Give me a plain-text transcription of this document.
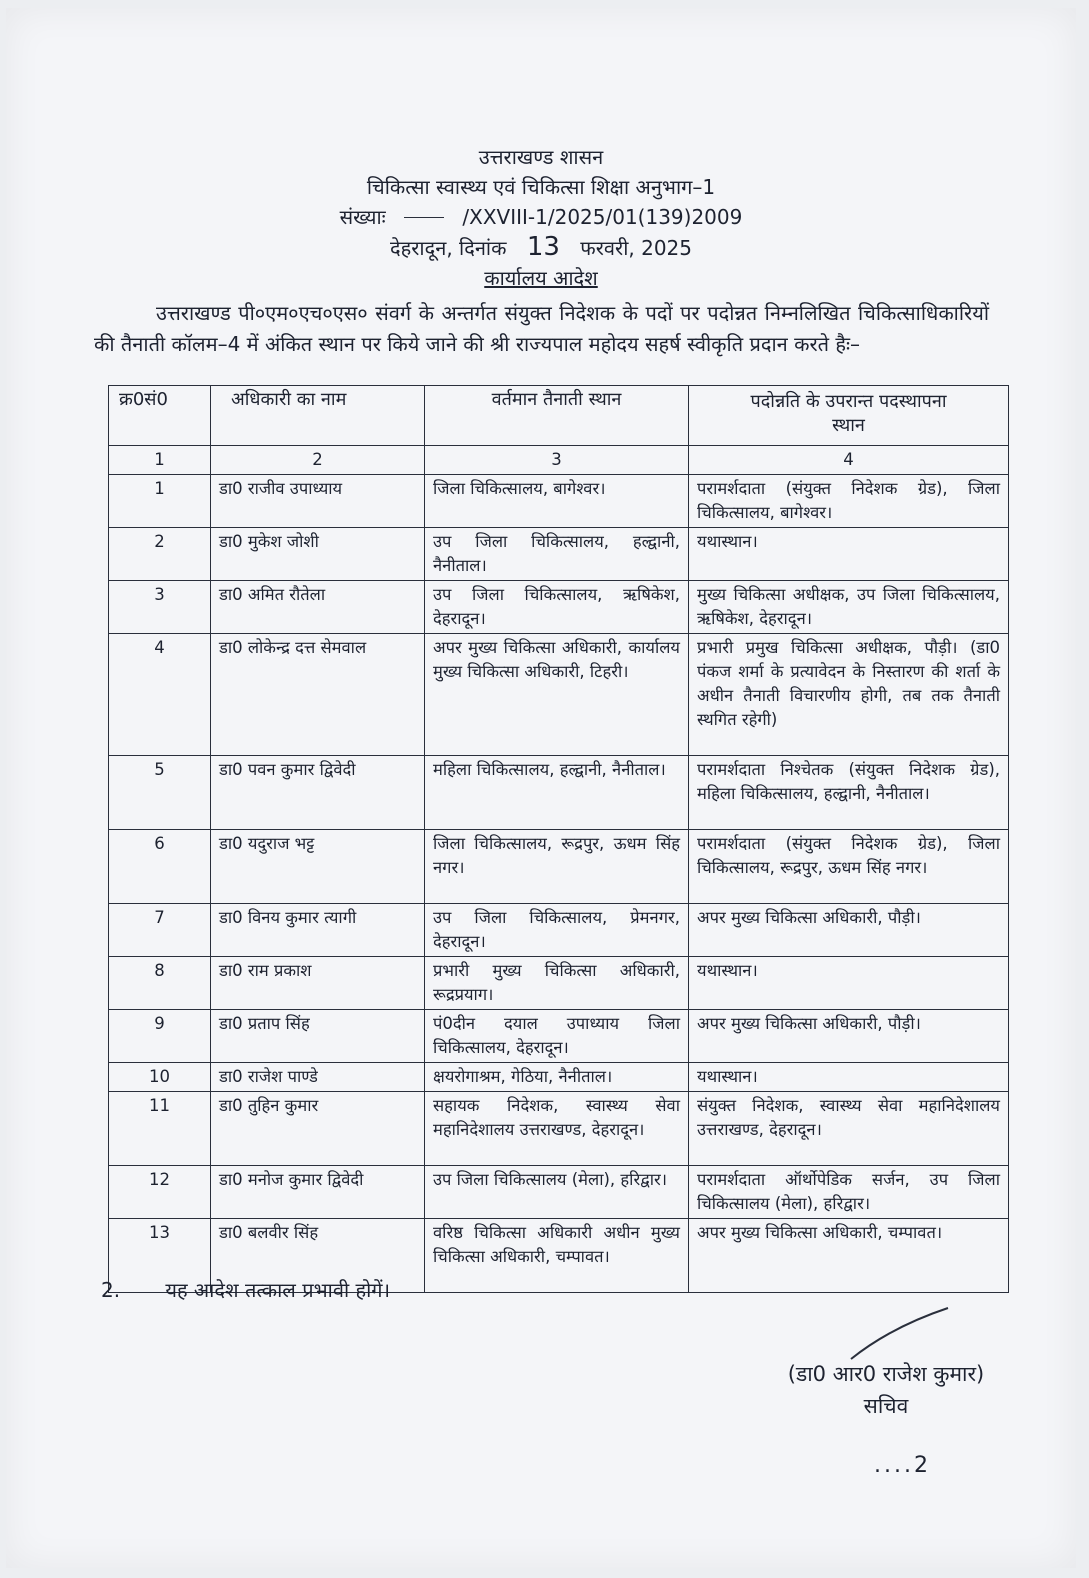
उत्तराखण्ड शासन
चिकित्सा स्वास्थ्य एवं चिकित्सा शिक्षा अनुभाग–1
संख्याः	/XXVIII-1/2025/01(139)2009
देहरादून, दिनांक 13 फरवरी, 2025
कार्यालय आदेश
उत्तराखण्ड पी०एम०एच०एस० संवर्ग के अन्तर्गत संयुक्त निदेशक के पदों पर पदोन्नत निम्नलिखित चिकित्साधिकारियों की तैनाती कॉलम–4 में अंकित स्थान पर किये जाने की श्री राज्यपाल महोदय सहर्ष स्वीकृति प्रदान करते हैः–
क्र0सं0	अधिकारी का नाम	वर्तमान तैनाती स्थान	पदोन्नति के उपरान्त पदस्थापना स्थान
1	2	3	4
1	डा0 राजीव उपाध्याय	जिला चिकित्सालय, बागेश्वर।	परामर्शदाता (संयुक्त निदेशक ग्रेड), जिला चिकित्सालय, बागेश्वर।
2	डा0 मुकेश जोशी	उप जिला चिकित्सालय, हल्द्वानी, नैनीताल।	यथास्थान।
3	डा0 अमित रौतेला	उप जिला चिकित्सालय, ऋषिकेश, देहरादून।	मुख्य चिकित्सा अधीक्षक, उप जिला चिकित्सालय, ऋषिकेश, देहरादून।
4	डा0 लोकेन्द्र दत्त सेमवाल	अपर मुख्य चिकित्सा अधिकारी, कार्यालय मुख्य चिकित्सा अधिकारी, टिहरी।	प्रभारी प्रमुख चिकित्सा अधीक्षक, पौड़ी। (डा0 पंकज शर्मा के प्रत्यावेदन के निस्तारण की शर्ता के अधीन तैनाती विचारणीय होगी, तब तक तैनाती स्थगित रहेगी)
5	डा0 पवन कुमार द्विवेदी	महिला चिकित्सालय, हल्द्वानी, नैनीताल।	परामर्शदाता निश्चेतक (संयुक्त निदेशक ग्रेड), महिला चिकित्सालय, हल्द्वानी, नैनीताल।
6	डा0 यदुराज भट्ट	जिला चिकित्सालय, रूद्रपुर, ऊधम सिंह नगर।	परामर्शदाता (संयुक्त निदेशक ग्रेड), जिला चिकित्सालय, रूद्रपुर, ऊधम सिंह नगर।
7	डा0 विनय कुमार त्यागी	उप जिला चिकित्सालय, प्रेमनगर, देहरादून।	अपर मुख्य चिकित्सा अधिकारी, पौड़ी।
8	डा0 राम प्रकाश	प्रभारी मुख्य चिकित्सा अधिकारी, रूद्रप्रयाग।	यथास्थान।
9	डा0 प्रताप सिंह	पं0दीन दयाल उपाध्याय जिला चिकित्सालय, देहरादून।	अपर मुख्य चिकित्सा अधिकारी, पौड़ी।
10	डा0 राजेश पाण्डे	क्षयरोगाश्रम, गेठिया, नैनीताल।	यथास्थान।
11	डा0 तुहिन कुमार	सहायक निदेशक, स्वास्थ्य सेवा महानिदेशालय उत्तराखण्ड, देहरादून।	संयुक्त निदेशक, स्वास्थ्य सेवा महानिदेशालय उत्तराखण्ड, देहरादून।
12	डा0 मनोज कुमार द्विवेदी	उप जिला चिकित्सालय (मेला), हरिद्वार।	परामर्शदाता ऑर्थोपेडिक सर्जन, उप जिला चिकित्सालय (मेला), हरिद्वार।
13	डा0 बलवीर सिंह	वरिष्ठ चिकित्सा अधिकारी अधीन मुख्य चिकित्सा अधिकारी, चम्पावत।	अपर मुख्य चिकित्सा अधिकारी, चम्पावत।
2. यह आदेश तत्काल प्रभावी होगें।
(डा0 आर0 राजेश कुमार)
सचिव
....2
